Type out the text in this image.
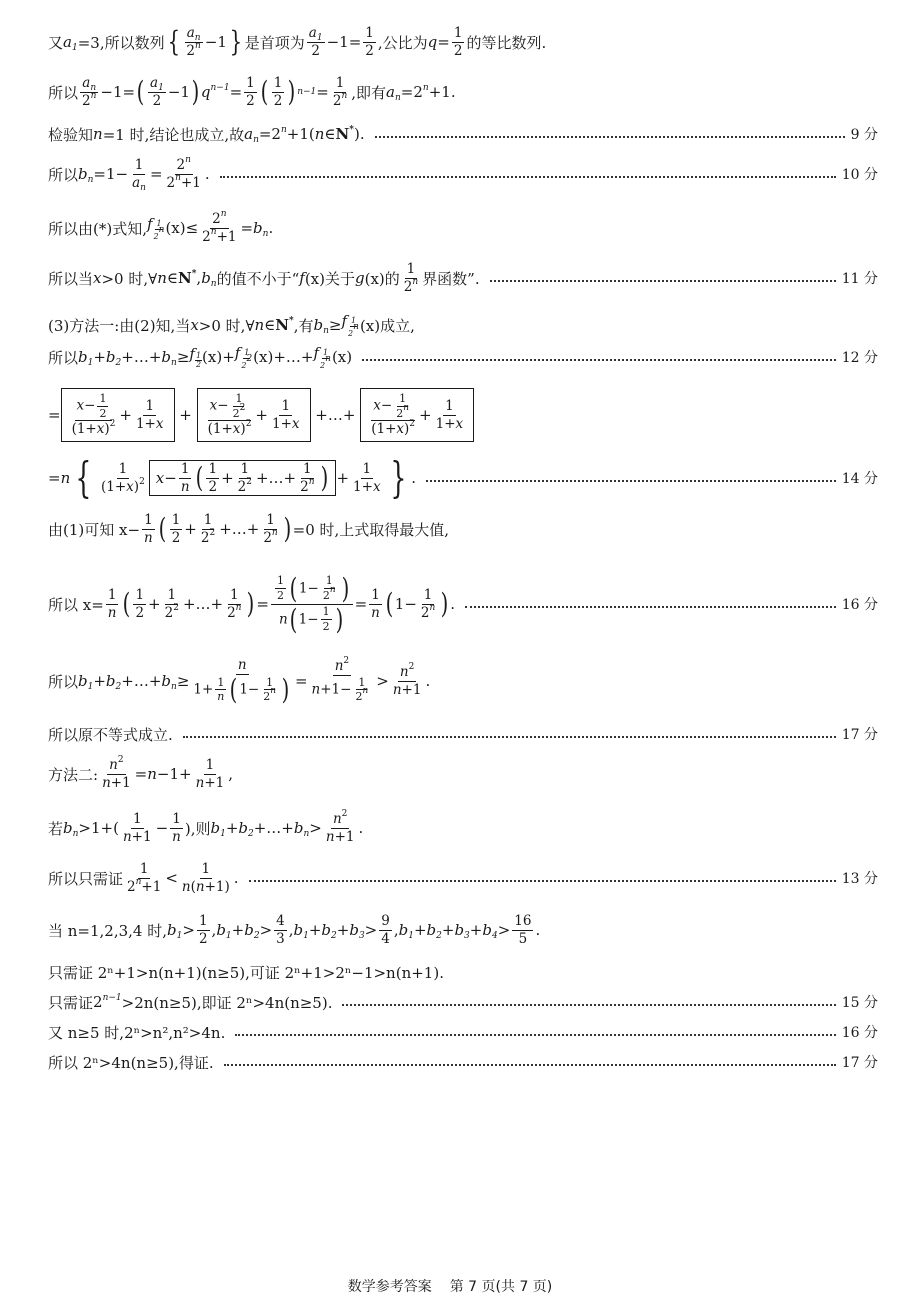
又 $a_1 =3$,所以数列 { $\frac{a_n}{2^n} -1$ } 是首项为 $\frac{a_1}{2} -1 = \frac{1}{2}$ ,公比为 $q = \frac{1}{2}$ 的等比数列.
所以 $\frac{a_n}{2^n} -1=$ ( $\frac{a_1}{2} -1$ ) $q^{n-1} = \frac{1}{2}$ ( $\frac{1}{2}$ ) $n-1 = \frac{1}{2^n}$ ,即有 $a_n =2^n +1$.
检验知 n =1 时,结论也成立,故 $a_n =2^n +1$( n ∈ N* ).	9 分
所以 $b_n =1- \frac{1}{a_n} = \frac{2^n}{2^n+1}$ .	10 分
所以由(*)式知, f $_{\frac{1}{2^n}}$ $(x)\le \frac{2^n}{2^n+1} = b_n$ .
所以当 x >0 时,∀ n ∈ N* , $b_n$ 的值不小于“ f (x)关于 g (x)的 $\frac{1}{2^n}$ 界函数”.	11 分
(3)方法一:由(2)知,当 x >0 时,∀ n ∈ N* ,有 $b_n \ge f$ $_{\frac{1}{2^n}}$ (x)成立,
所以 $b_1+b_2$ +…+ $b_n \ge f$ $_{\frac{1}{2}}$ (x)+ f $_{\frac{1}{2^2}}$ (x)+…+ f $_{\frac{1}{2^n}}$ (x)	12 分
= $\frac{x- \frac{1}{2}}{(1+x)^2} + \frac{1}{1+x} + \frac{x- \frac{1}{2^2}}{(1+x)^2} + \frac{1}{1+x}$ +…+ $\frac{x- \frac{1}{2^n}}{(1+x)^2} + \frac{1}{1+x}$
=n { $\frac{1}{(1+x)^2}$ $x - \frac{1}{n}$ ( $\frac{1}{2} + \frac{1}{2^2}$ +…+ $\frac{1}{2^n}$ ) + $\frac{1}{1+x}$ } .	14 分
由(1)可知 $x- \frac{1}{n}$ ( $\frac{1}{2} + \frac{1}{2^2}$ +…+ $\frac{1}{2^n}$ ) =0 时,上式取得最大值,
所以 $x= \frac{1}{n}$ ( $\frac{1}{2} + \frac{1}{2^2}$ +…+ $\frac{1}{2^n}$ ) = $\frac{\frac{1}{2} ( 1- \frac{1}{2^n} )}{n( 1- \frac{1}{2} )} = \frac{1}{n}$ ( $1- \frac{1}{2^n}$ ) .	16 分
所以 $b_1+b_2$ +…+ $b_n \ge \frac{n}{1+ \frac{1}{n} ( 1- \frac{1}{2^n} )} = \frac{n^2}{n+1- \frac{1}{2^n}} > \frac{n^2}{n+1}$ .
所以原不等式成立.	17 分
方法二: $\frac{n^2}{n+1} =n-1+ \frac{1}{n+1}$ ,
若 $b_n >1+( \frac{1}{n+1} - \frac{1}{n}$ ),则 $b_1+b_2$ +…+ $b_n > \frac{n^2}{n+1}$ .
所以只需证 $\frac{1}{2^n+1} < \frac{1}{n(n+1)}$ .	13 分
当 n=1,2,3,4 时, $b_1 > \frac{1}{2} ,b_1+b_2> \frac{4}{3} ,b_1+b_2+b_3> \frac{9}{4} ,b_1+b_2+b_3+b_4> \frac{16}{5}$ .
只需证 2ⁿ+1>n(n+1)(n≥5),可证 2ⁿ+1>2ⁿ−1>n(n+1).
只需证 $2^{n-1} >2n(n\ge 5)$,即证 2ⁿ>4n(n≥5).	15 分
又 n≥5 时,2ⁿ>n²,n²>4n.	16 分
所以 2ⁿ>4n(n≥5),得证.	17 分
数学参考答案 第 7 页(共 7 页)
